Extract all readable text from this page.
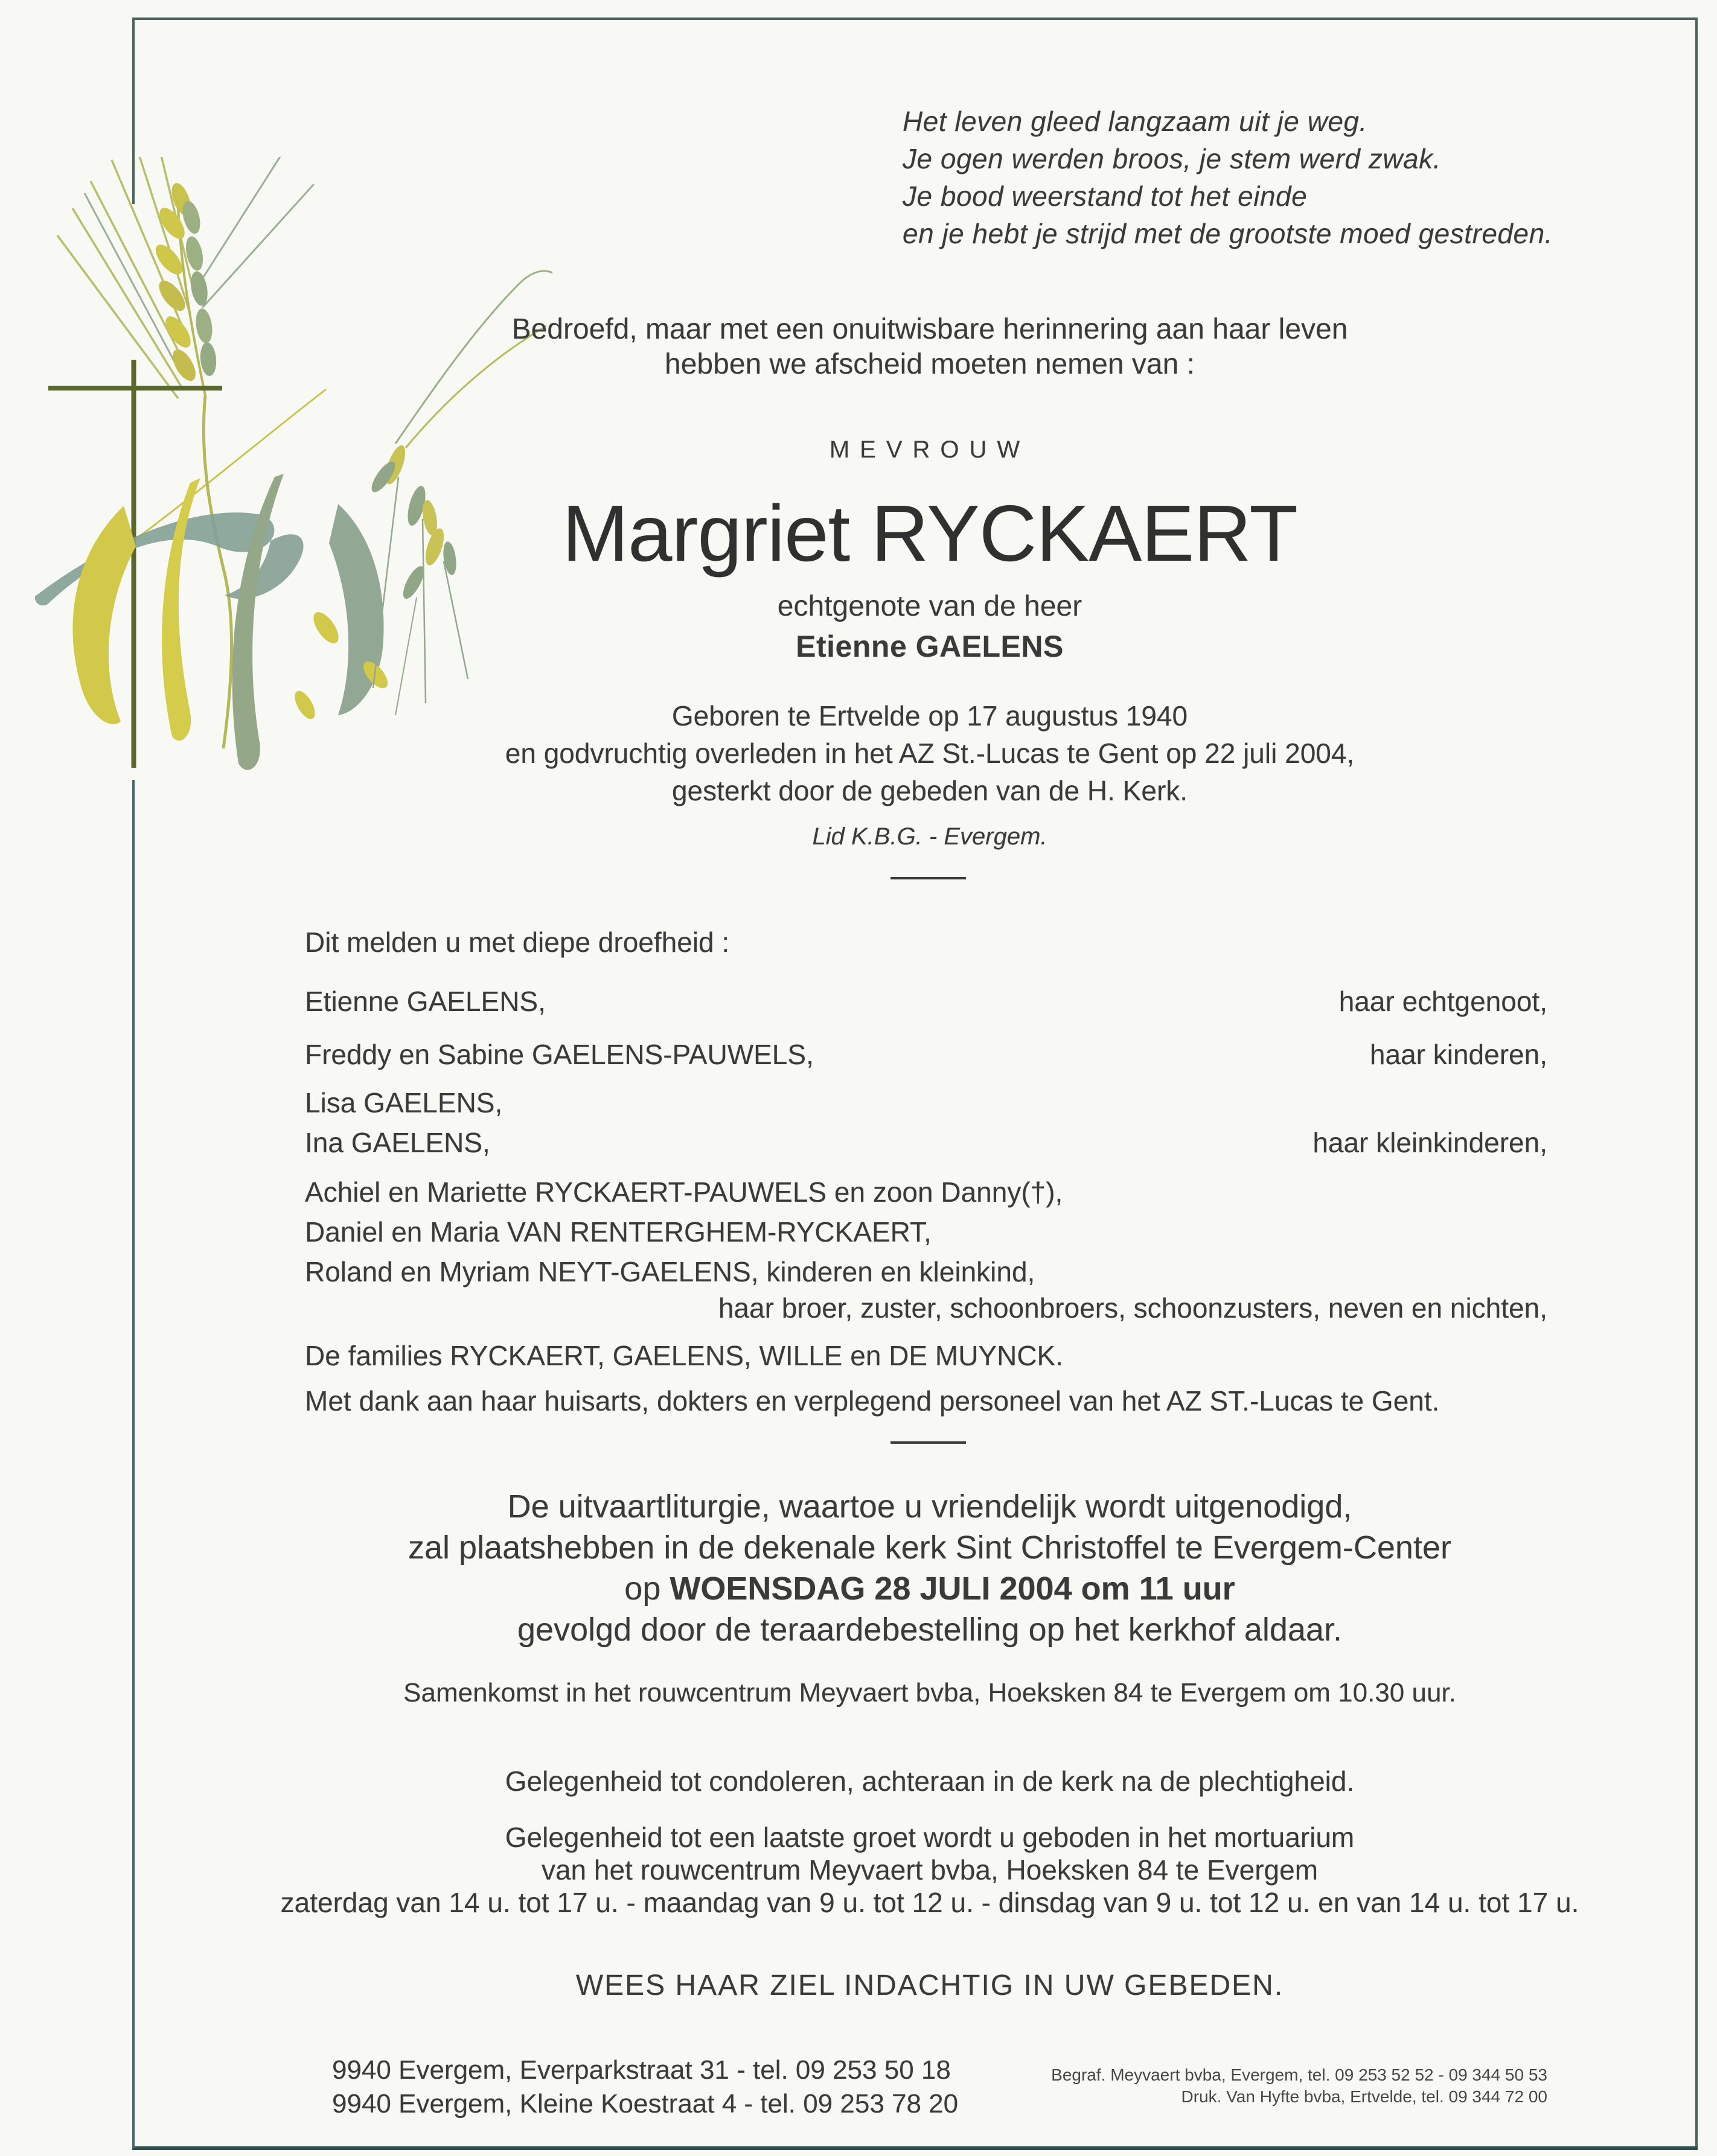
Het leven gleed langzaam uit je weg.
Je ogen werden broos, je stem werd zwak.
Je bood weerstand tot het einde
en je hebt je strijd met de grootste moed gestreden.
Bedroefd, maar met een onuitwisbare herinnering aan haar leven
hebben we afscheid moeten nemen van :
MEVROUW
Margriet RYCKAERT
echtgenote van de heer
Etienne GAELENS
Geboren te Ertvelde op 17 augustus 1940
en godvruchtig overleden in het AZ St.-Lucas te Gent op 22 juli 2004,
gesterkt door de gebeden van de H. Kerk.
Lid K.B.G. - Evergem.
Dit melden u met diepe droefheid :
Etienne GAELENS,	haar echtgenoot,
Freddy en Sabine GAELENS-PAUWELS,	haar kinderen,
Lisa GAELENS,
Ina GAELENS,	haar kleinkinderen,
Achiel en Mariette RYCKAERT-PAUWELS en zoon Danny(†),
Daniel en Maria VAN RENTERGHEM-RYCKAERT,
Roland en Myriam NEYT-GAELENS, kinderen en kleinkind,
haar broer, zuster, schoonbroers, schoonzusters, neven en nichten,
De families RYCKAERT, GAELENS, WILLE en DE MUYNCK.
Met dank aan haar huisarts, dokters en verplegend personeel van het AZ ST.-Lucas te Gent.
De uitvaartliturgie, waartoe u vriendelijk wordt uitgenodigd,
zal plaatshebben in de dekenale kerk Sint Christoffel te Evergem-Center
op WOENSDAG 28 JULI 2004 om 11 uur
gevolgd door de teraardebestelling op het kerkhof aldaar.
Samenkomst in het rouwcentrum Meyvaert bvba, Hoeksken 84 te Evergem om 10.30 uur.
Gelegenheid tot condoleren, achteraan in de kerk na de plechtigheid.
Gelegenheid tot een laatste groet wordt u geboden in het mortuarium
van het rouwcentrum Meyvaert bvba, Hoeksken 84 te Evergem
zaterdag van 14 u. tot 17 u. - maandag van 9 u. tot 12 u. - dinsdag van 9 u. tot 12 u. en van 14 u. tot 17 u.
WEES HAAR ZIEL INDACHTIG IN UW GEBEDEN.
9940 Evergem, Everparkstraat 31 - tel. 09 253 50 18
9940 Evergem, Kleine Koestraat 4 - tel. 09 253 78 20
Begraf. Meyvaert bvba, Evergem, tel. 09 253 52 52 - 09 344 50 53
Druk. Van Hyfte bvba, Ertvelde, tel. 09 344 72 00
